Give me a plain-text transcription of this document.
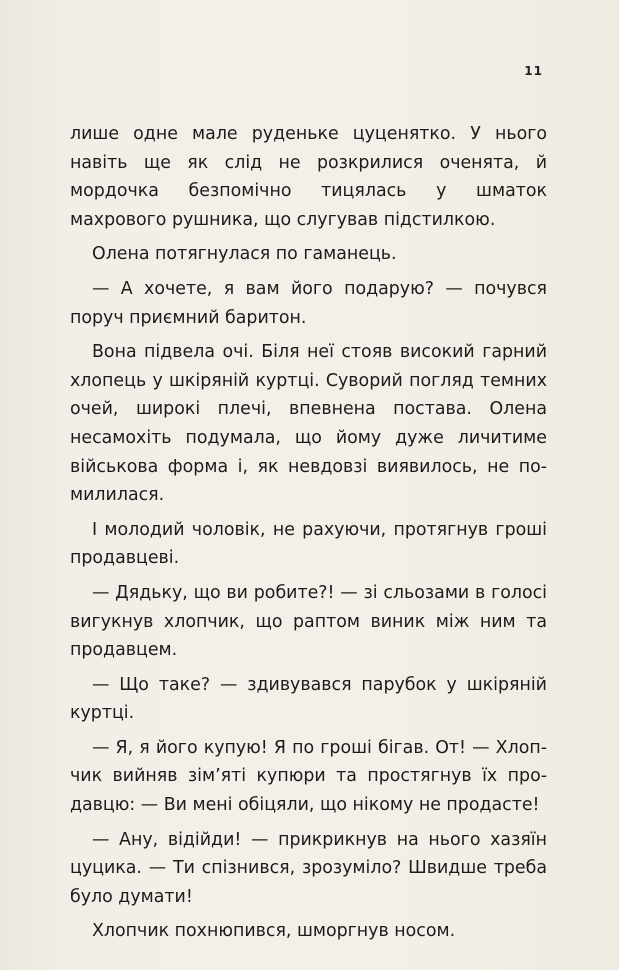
11

лише одне мале руденьке цуценятко. У нього навіть ще як слід не розкрилися оченята, й мордочка безпомічно тицялась у шматок махрового рушника, що слугував підстилкою.

Олена потягнулася по гаманець.

— А хочете, я вам його подарую? — почувся поруч приємний баритон.

Вона підвела очі. Біля неї стояв високий гарний хлопець у шкіряній куртці. Суворий погляд темних очей, широкі плечі, впевнена постава. Олена несамохіть подумала, що йому дуже личитиме військова форма і, як невдовзі виявилось, не помилилася.

І молодий чоловік, не рахуючи, протягнув гроші продавцеві.

— Дядьку, що ви робите?! — зі сльозами в голосі вигукнув хлопчик, що раптом виник між ним та продавцем.

— Що таке? — здивувався парубок у шкіряній куртці.

— Я, я його купую! Я по гроші бігав. От! — Хлопчик вийняв зім’яті купюри та простягнув їх продавцю: — Ви мені обіцяли, що нікому не продасте!

— Ану, відійди! — прикрикнув на нього хазяїн цуцика. — Ти спізнився, зрозуміло? Швидше треба було думати!

Хлопчик похнюпився, шморгнув носом.
